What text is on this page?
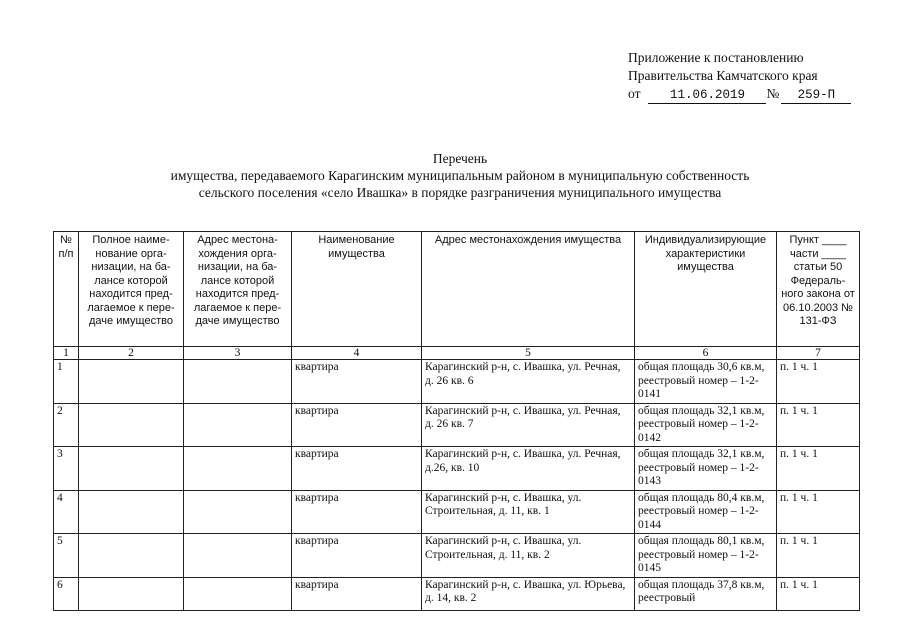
Приложение к постановлению
Правительства Камчатского края
от 11.06.2019 № 259-П
Перечень
имущества, передаваемого Карагинским муниципальным районом в муниципальную собственность
сельского поселения «село Ивашка» в порядке разграничения муниципального имущества
№ п/п	Полное наиме- нование орга- низации, на ба- лансе которой находится пред- лагаемое к пере- даче имущество	Адрес местона- хождения орга- низации, на ба- лансе которой находится пред- лагаемое к пере- даче имущество	Наименование имущества	Адрес местонахождения имущества	Индивидуализирующие характеристики имущества	Пункт ____ части ____ статьи 50 Федераль- ного закона от 06.10.2003 № 131-ФЗ
1	2	3	4	5	6	7
1			квартира	Карагинский р-н, с. Ивашка, ул. Речная, д. 26 кв. 6	общая площадь 30,6 кв.м, реестровый номер – 1-2-0141	п. 1 ч. 1
2			квартира	Карагинский р-н, с. Ивашка, ул. Речная, д. 26 кв. 7	общая площадь 32,1 кв.м, реестровый номер – 1-2-0142	п. 1 ч. 1
3			квартира	Карагинский р-н, с. Ивашка, ул. Речная, д.26, кв. 10	общая площадь 32,1 кв.м, реестровый номер – 1-2-0143	п. 1 ч. 1
4			квартира	Карагинский р-н, с. Ивашка, ул. Строительная, д. 11, кв. 1	общая площадь 80,4 кв.м, реестровый номер – 1-2-0144	п. 1 ч. 1
5			квартира	Карагинский р-н, с. Ивашка, ул. Строительная, д. 11, кв. 2	общая площадь 80,1 кв.м, реестровый номер – 1-2-0145	п. 1 ч. 1
6			квартира	Карагинский р-н, с. Ивашка, ул. Юрьева, д. 14, кв. 2	общая площадь 37,8 кв.м, реестровый	п. 1 ч. 1
